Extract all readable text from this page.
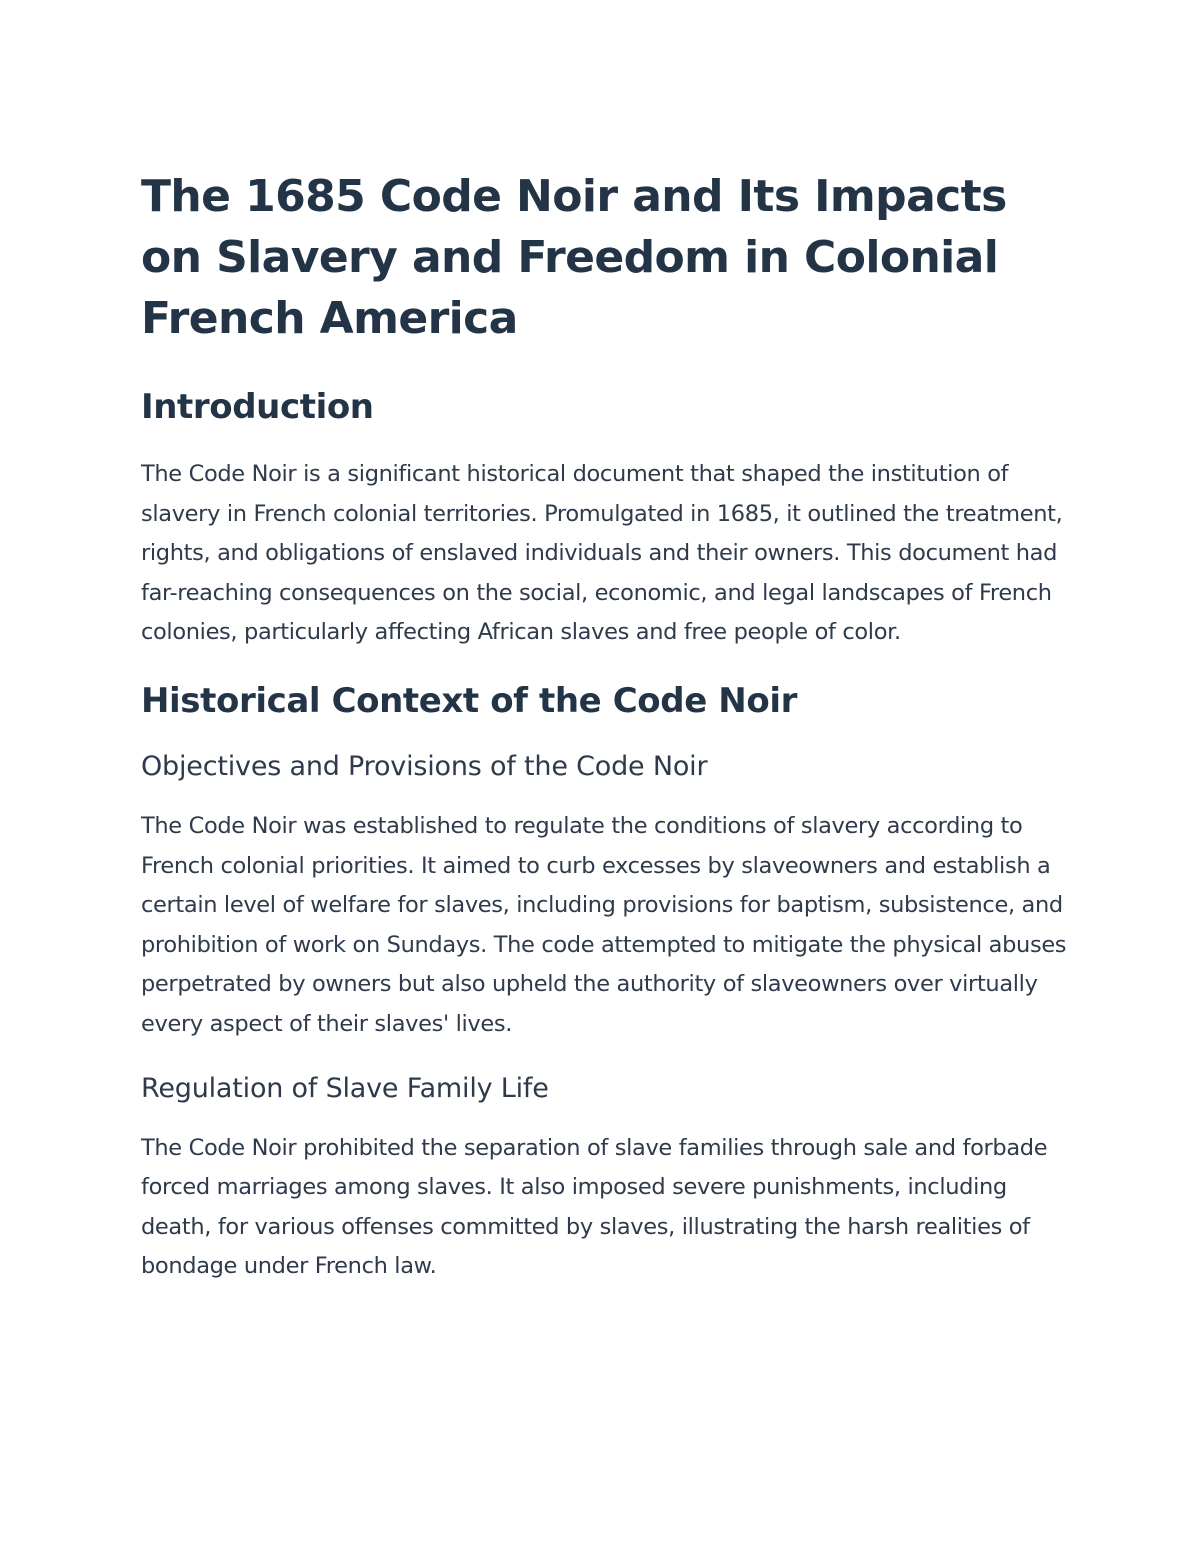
The 1685 Code Noir and Its Impacts on Slavery and Freedom in Colonial French America
Introduction

The Code Noir is a significant historical document that shaped the institution of slavery in French colonial territories. Promulgated in 1685, it outlined the treatment, rights, and obligations of enslaved individuals and their owners. This document had far-reaching consequences on the social, economic, and legal landscapes of French colonies, particularly affecting African slaves and free people of color.

Historical Context of the Code Noir
Objectives and Provisions of the Code Noir

The Code Noir was established to regulate the conditions of slavery according to French colonial priorities. It aimed to curb excesses by slaveowners and establish a certain level of welfare for slaves, including provisions for baptism, subsistence, and prohibition of work on Sundays. The code attempted to mitigate the physical abuses perpetrated by owners but also upheld the authority of slaveowners over virtually every aspect of their slaves' lives.

Regulation of Slave Family Life

The Code Noir prohibited the separation of slave families through sale and forbade forced marriages among slaves. It also imposed severe punishments, including death, for various offenses committed by slaves, illustrating the harsh realities of bondage under French law.
